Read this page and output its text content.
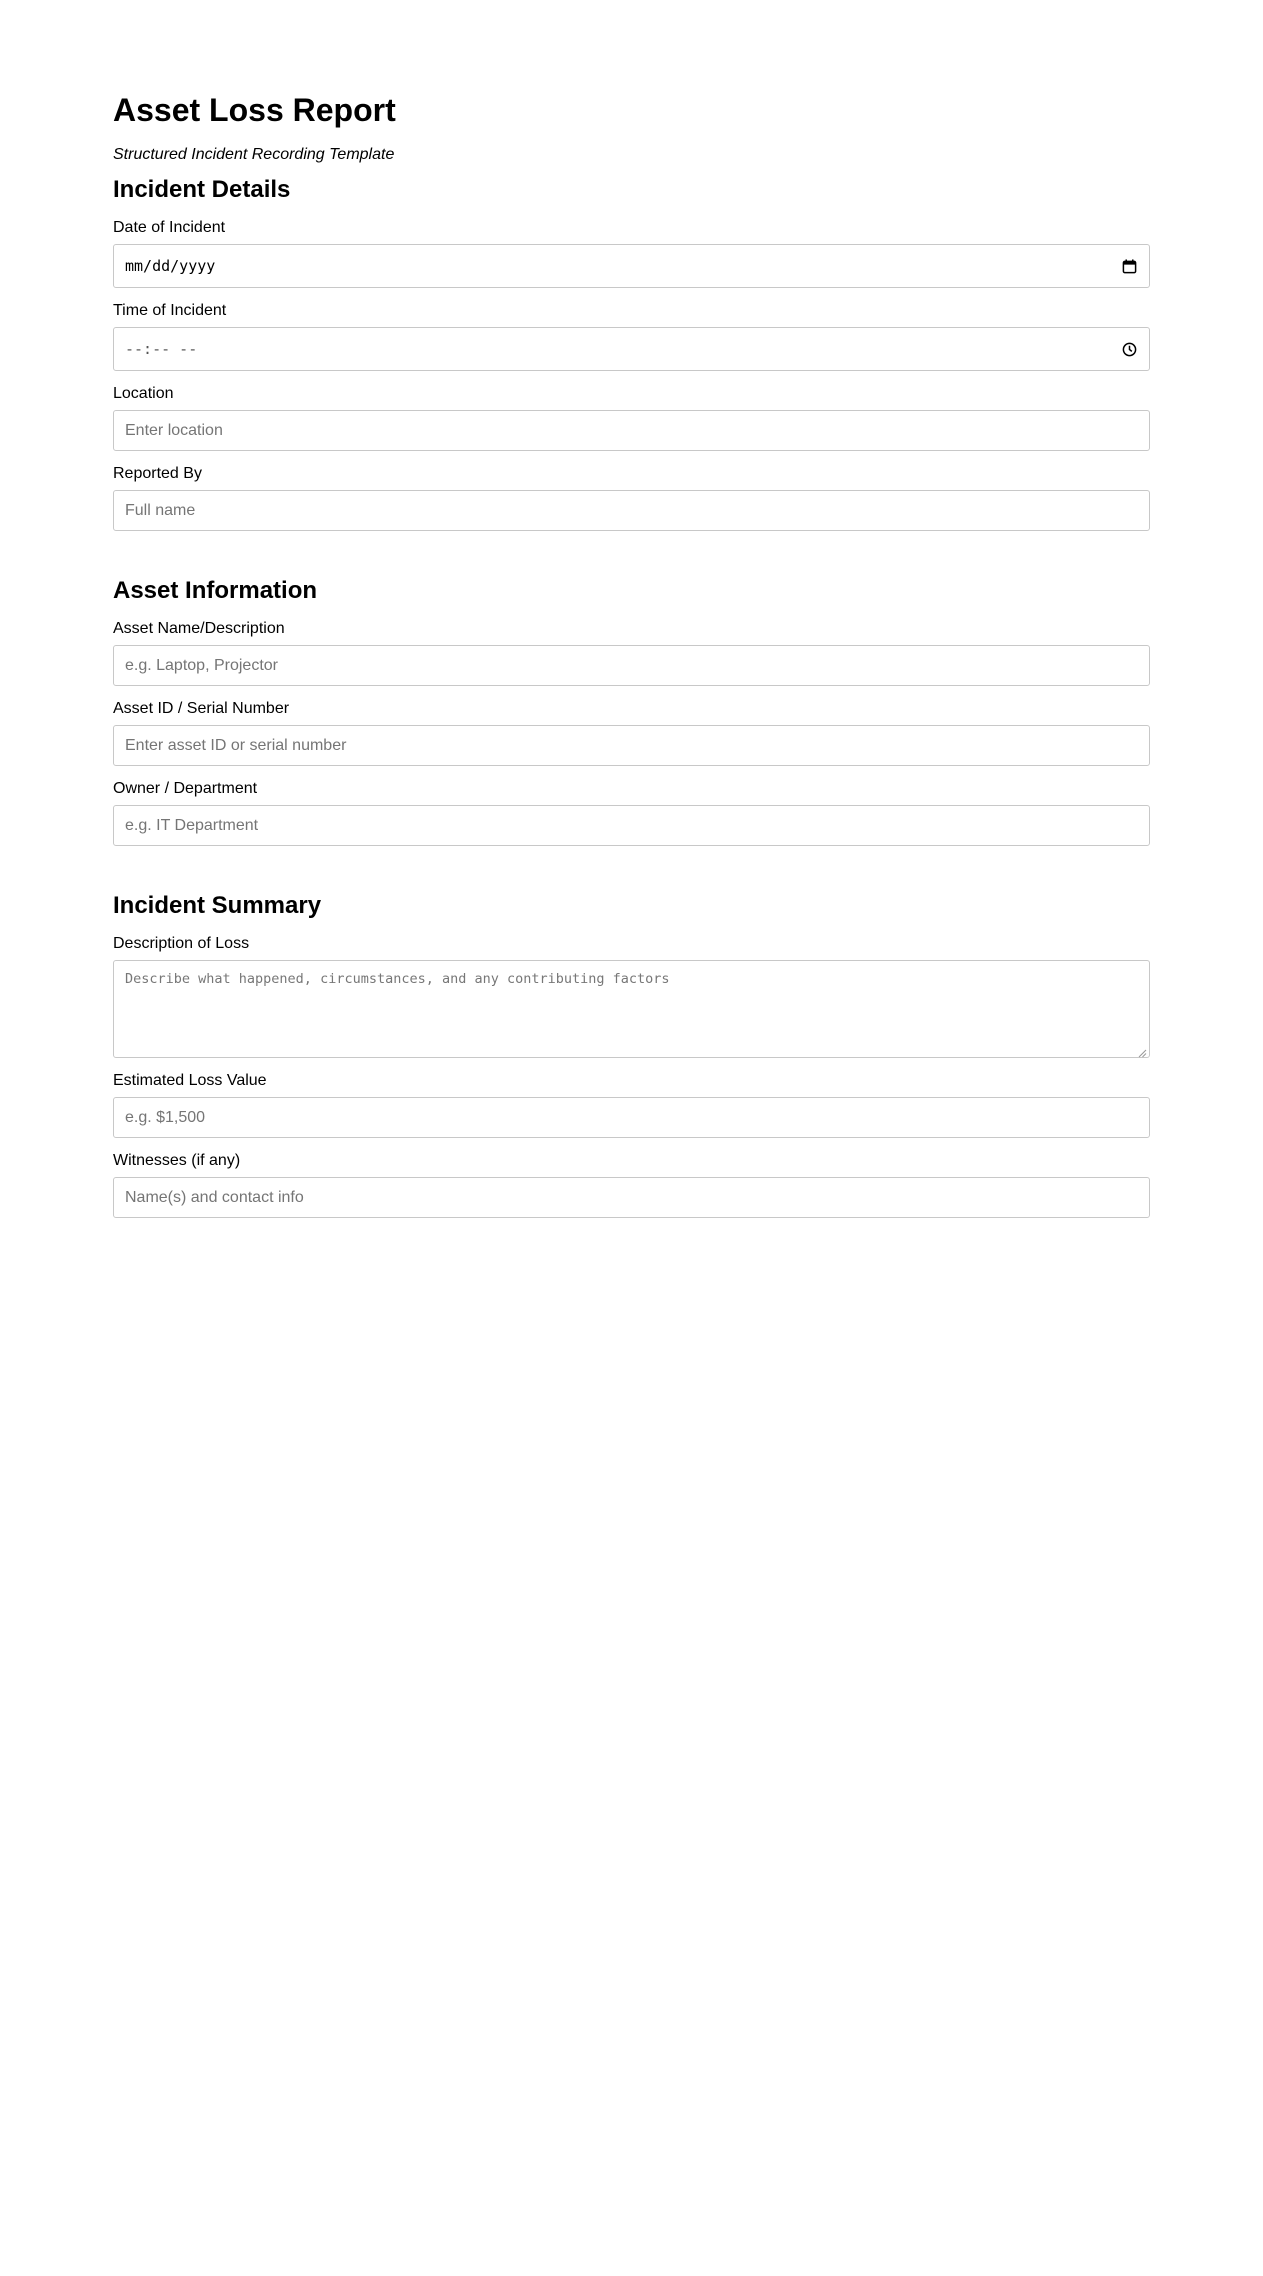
Asset Loss Report

Structured Incident Recording Template

Incident Details
Date of Incident
mm/dd/yyyy
Time of Incident
--:-- --
Location
Enter location
Reported By
Full name
Asset Information
Asset Name/Description
e.g. Laptop, Projector
Asset ID / Serial Number
Enter asset ID or serial number
Owner / Department
e.g. IT Department
Incident Summary
Description of Loss
Describe what happened, circumstances, and any contributing factors
Estimated Loss Value
e.g. $1,500
Witnesses (if any)
Name(s) and contact info
